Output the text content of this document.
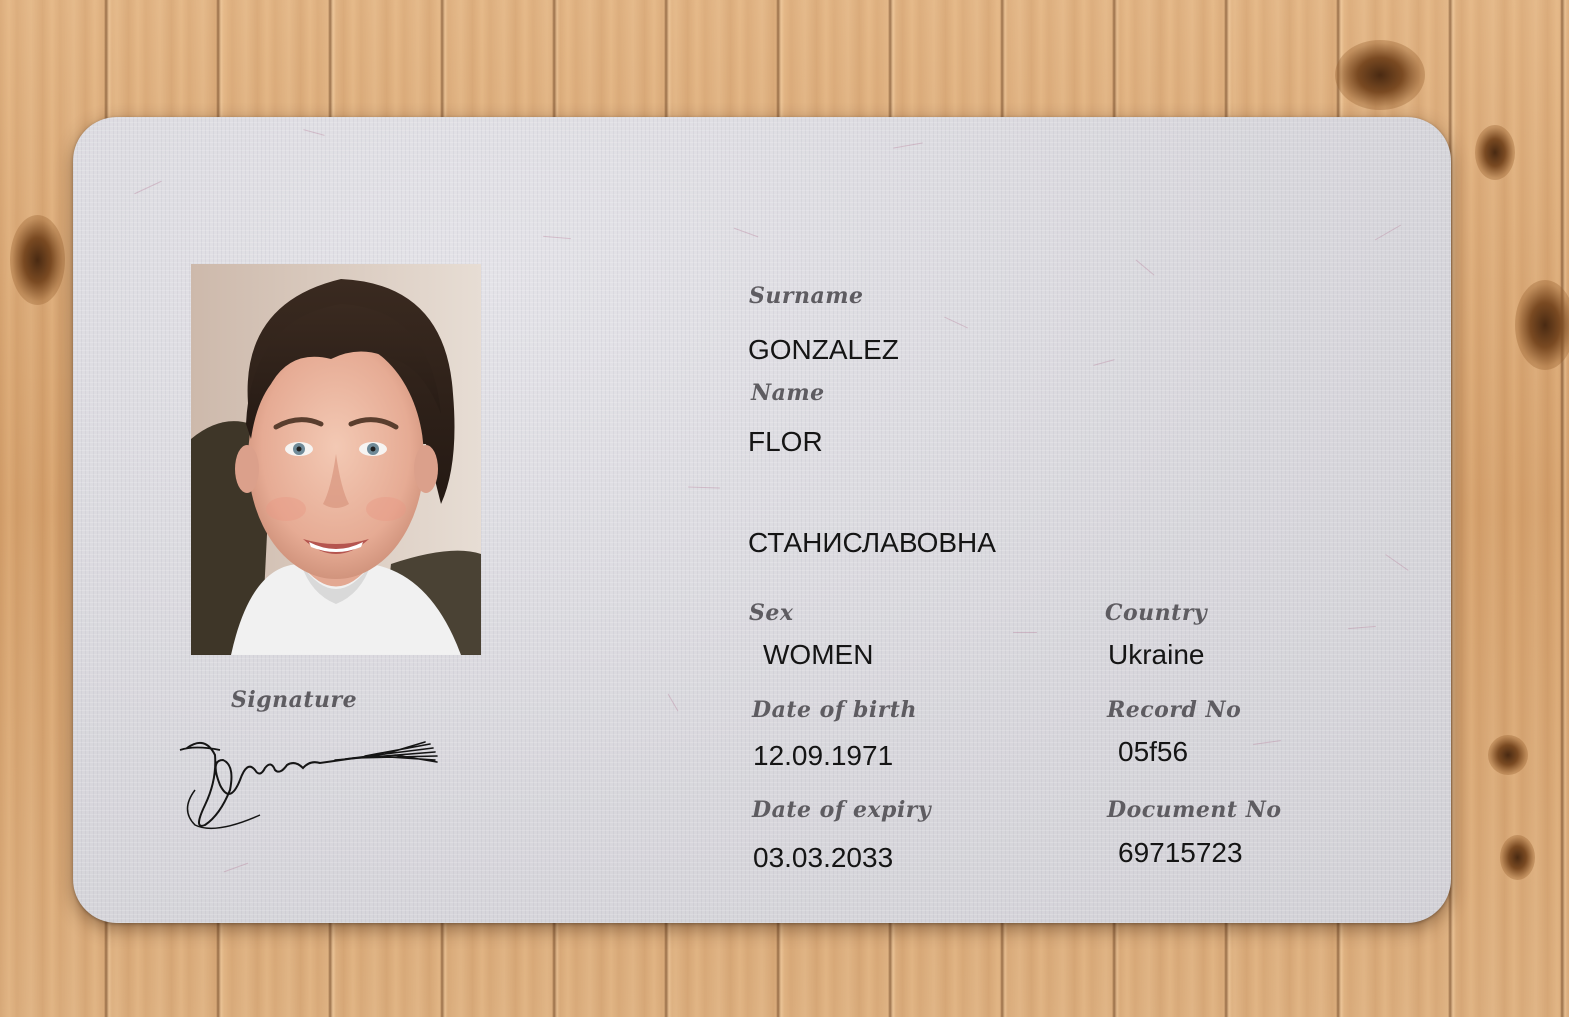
Signature
Surname
GONZALEZ
Name
FLOR
СТАНИСЛАВОВНА
Sex
WOMEN
Country
Ukraine
Date of birth
12.09.1971
Record No
05f56
Date of expiry
03.03.2033
Document No
69715723
